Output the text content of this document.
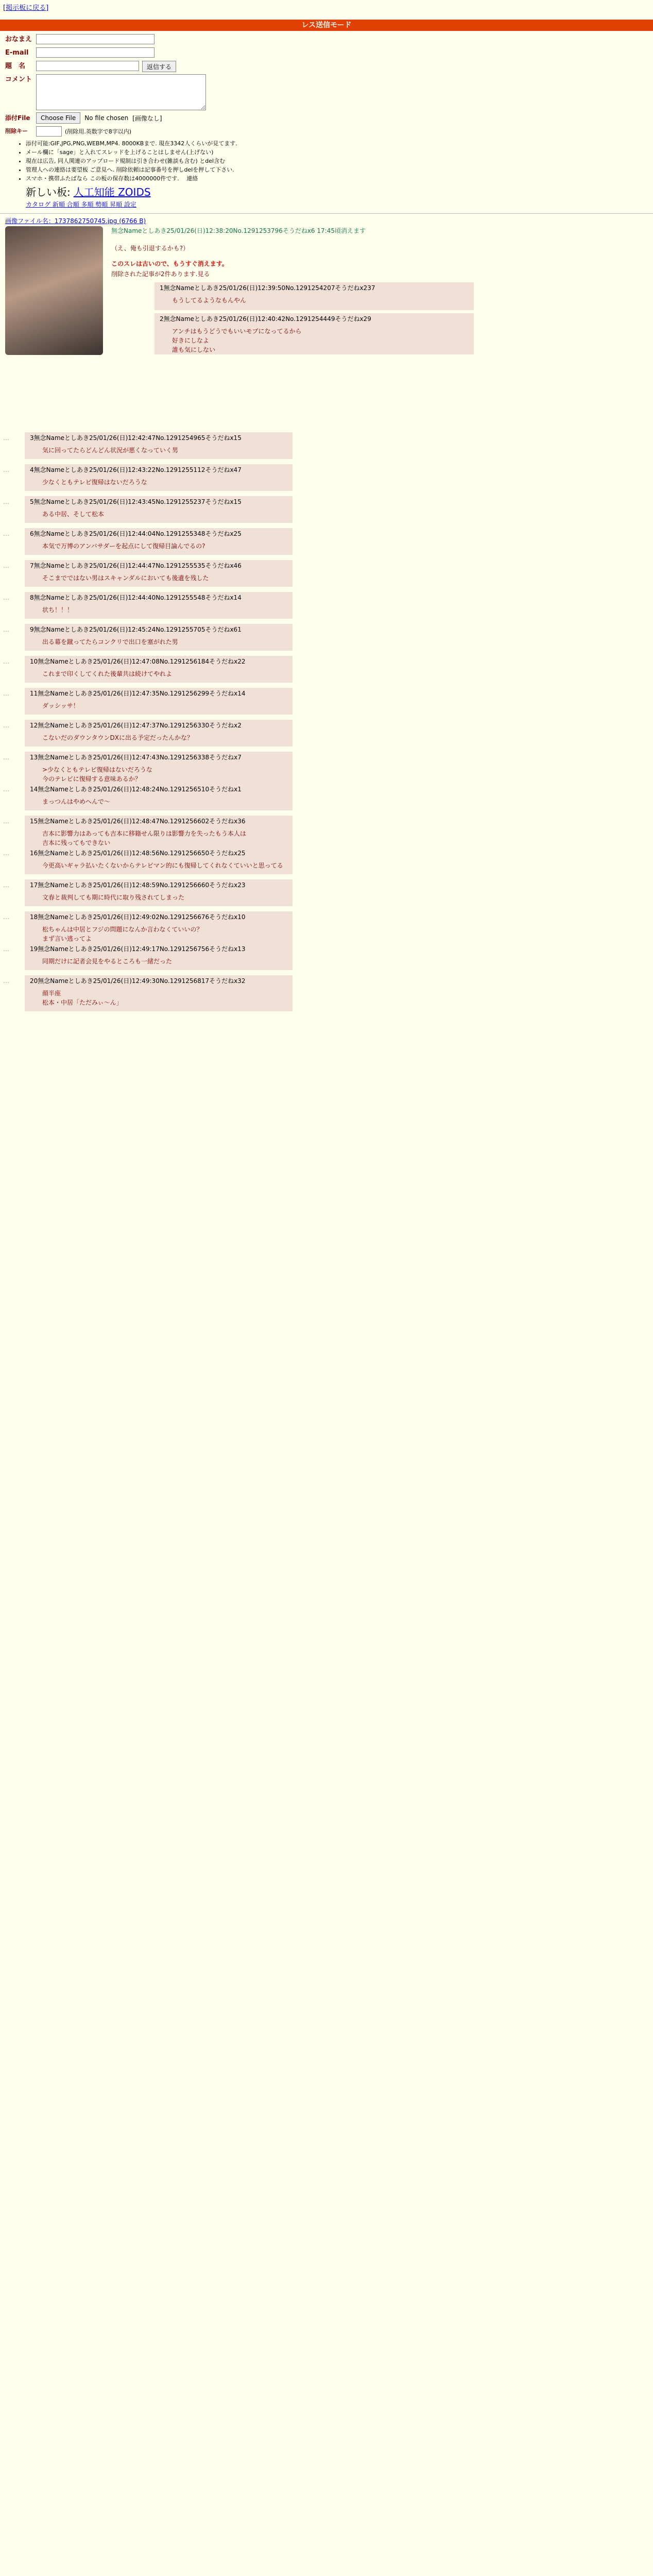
[掲示板に戻る]
レス送信モード
おなまえ
E-mail
題　名	返信する
コメント
添付File	Choose File	No file chosen [画像なし]
削除キー	(削除用.英数字で8字以内)
• 添付可能:GIF,JPG,PNG,WEBM,MP4. 8000KBまで. 現在3342人くらいが見てます.
• メール欄に「sage」と入れてスレッドを上げることはしません(上げない)
• 現在は広告, 同人関連のアップロード規制は引き合わせ(雑談も含む) とdel含む
• 管理人への連絡は要望板 ご意見へ. 削除依頼は記事番号を押しdelを押して下さい.
• スマホ・携帯ふたばなら この板の保存数は4000000件です. 　連絡
新しい板: 人工知能 ZOIDS
カタログ 新順 合順 多順 勢順 昇順 設定
画像ファイル名：1737862750745.jpg (6766 B)
無念Nameとしあき25/01/26(日)12:38:20No.1291253796そうだねx6 17:45頃消えます
（え、俺も引退するかも?）
このスレは古いので、もうすぐ消えます。
削除された記事が2件あります.見る
1無念Nameとしあき25/01/26(日)12:39:50No.1291254207そうだねx237
もうしてるようなもんやん
2無念Nameとしあき25/01/26(日)12:40:42No.1291254449そうだねx29
アンチはもうどうでもいいモブになってるから
好きにしなよ
誰も気にしない
…	3無念Nameとしあき25/01/26(日)12:42:47No.1291254965そうだねx15
気に回ってたらどんどん状況が悪くなっていく男
…	4無念Nameとしあき25/01/26(日)12:43:22No.1291255112そうだねx47
少なくともテレビ復帰はないだろうな
…	5無念Nameとしあき25/01/26(日)12:43:45No.1291255237そうだねx15
ある中居、そして松本
…	6無念Nameとしあき25/01/26(日)12:44:04No.1291255348そうだねx25
本気で万博のアンバサダーを起点にして復帰目論んでるの?
…	7無念Nameとしあき25/01/26(日)12:44:47No.1291255535そうだねx46
そこまでではない男はスキャンダルにおいても後遺を残した
…	8無念Nameとしあき25/01/26(日)12:44:40No.1291255548そうだねx14
状ち！！！
…	9無念Nameとしあき25/01/26(日)12:45:24No.1291255705そうだねx61
出る幕を蹴ってたらコンクリで出口を塞がれた男
…	10無念Nameとしあき25/01/26(日)12:47:08No.1291256184そうだねx22
これまで印くしてくれた後輩共は続けてやれよ
…	11無念Nameとしあき25/01/26(日)12:47:35No.1291256299そうだねx14
ダッシッサ！
…	12無念Nameとしあき25/01/26(日)12:47:37No.1291256330そうだねx2
こないだのダウンタウンDXに出る予定だったんかな？
…	13無念Nameとしあき25/01/26(日)12:47:43No.1291256338そうだねx7
>少なくともテレビ復帰はないだろうな
今のテレビに復帰する意味あるか？
…	14無念Nameとしあき25/01/26(日)12:48:24No.1291256510そうだねx1
まっつんはやめへんで～
…	15無念Nameとしあき25/01/26(日)12:48:47No.1291256602そうだねx36
吉本に影響力はあっても吉本に移籍せん限りは影響力を失ったもう本人は
吉本に残ってもできない
…	16無念Nameとしあき25/01/26(日)12:48:56No.1291256650そうだねx25
今更高いギャラ払いたくないからテレビマン的にも復帰してくれなくていいと思ってる
…	17無念Nameとしあき25/01/26(日)12:48:59No.1291256660そうだねx23
文春と裁判しても期に時代に取り残されてしまった
…	18無念Nameとしあき25/01/26(日)12:49:02No.1291256676そうだねx10
松ちゃんは中居とフジの問題になんか言わなくていいの？
まず言い逃ってよ
…	19無念Nameとしあき25/01/26(日)12:49:17No.1291256756そうだねx13
同期だけに記者会見をやるところも一緒だった
…	20無念Nameとしあき25/01/26(日)12:49:30No.1291256817そうだねx32
顔半座
松本・中居「ただみぃ～ん」
